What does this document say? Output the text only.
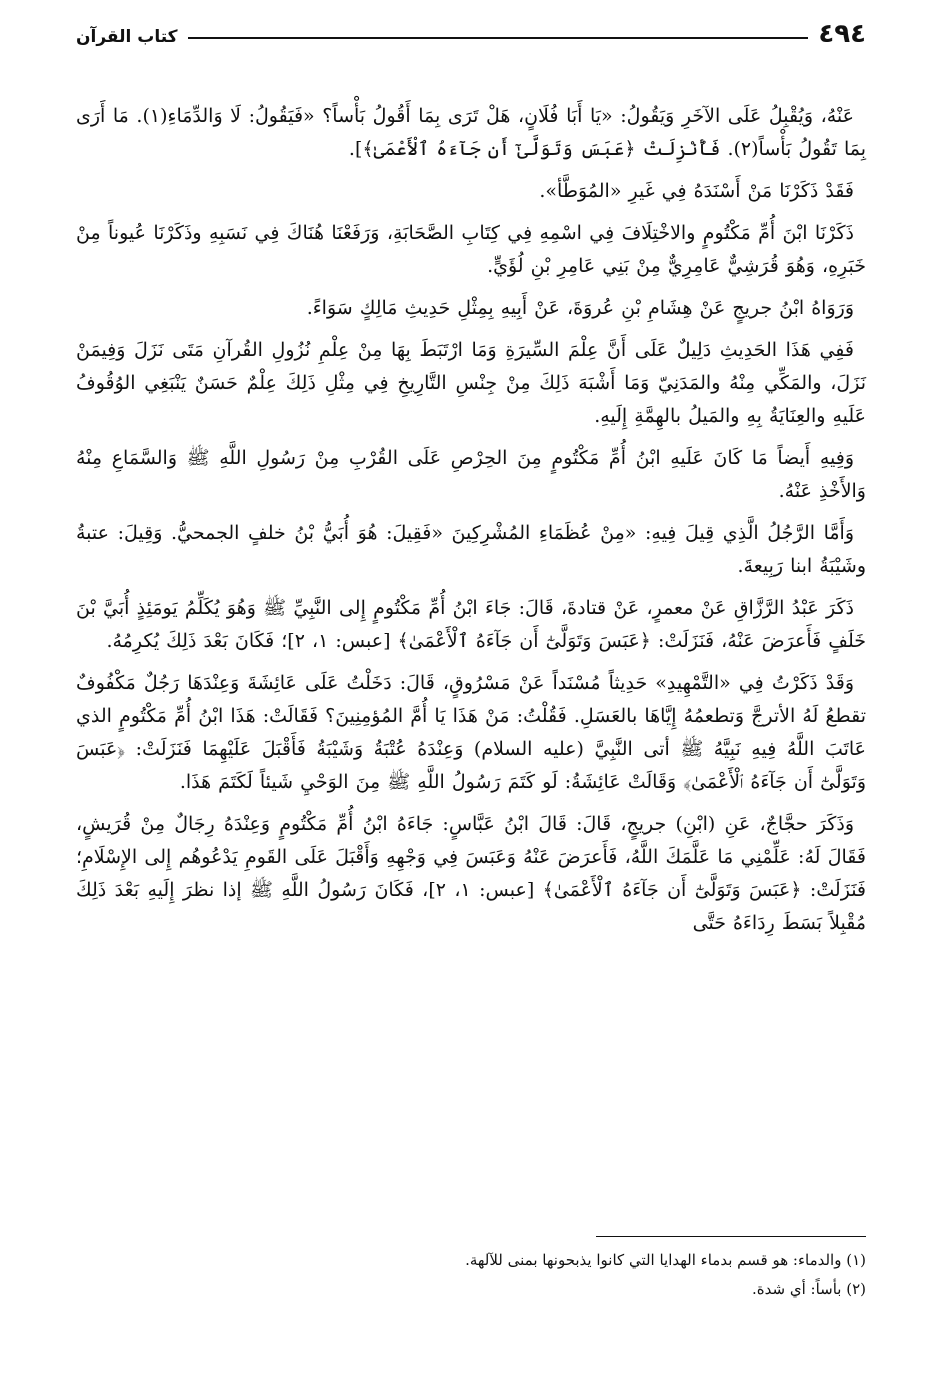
٤٩٤
كتاب القرآن

عَنْهُ، وَيُقْبِلُ عَلَى الآخَرِ وَيَقُولُ: «يَا أَبَا فُلَانٍ، هَلْ تَرَى بِمَا أَقُولُ بَأْساً؟ «فَيَقُولُ: لَا وَالدِّمَاءِ(١). مَا أَرَى بِمَا تَقُولُ بَأْساً(٢). فَأُنْزِلَتْ ﴿عَبَسَ وَتَوَلَّىٰٓ أَن جَآءَهُ ٱلْأَعْمَىٰ﴾].

فَقَدْ ذَكَرْنَا مَنْ أَسْنَدَهُ فِي غَيرِ «المُوَطَّأ».

ذَكَرْنَا ابْنَ أُمِّ مَكْتُومٍ والاخْتِلَافَ فِي اسْمِهِ فِي كِتَابِ الصَّحَابَةِ، وَرَفَعْنَا هُنَاكَ فِي نَسَبِهِ وذَكَرْنَا عُيوناً مِنْ خَبَرِهِ، وَهُوَ قُرَشِيٌّ عَامِرِيٌّ مِنْ بَنِي عَامِرِ بْنِ لُؤَيٍّ.

وَرَوَاهُ ابْنُ جريجٍ عَنْ هِشَامِ بْنِ عُروَةَ، عَنْ أَبِيهِ بِمِثْلِ حَدِيثِ مَالِكٍ سَوَاءً.

فَفِي هَذَا الحَدِيثِ دَلِيلٌ عَلَى أَنَّ عِلْمَ السِّيرَةِ وَمَا ارْتَبَطَ بِهَا مِنْ عِلْمِ نُزُولِ القُرآنِ مَتَى نَزَلَ وَفِيمَنْ نَزَلَ، والمَكِّي مِنْهُ والمَدَنِيّ وَمَا أَشْبَهَ ذَلِكَ مِنْ جِنْسِ التَّارِيخِ فِي مِثْلِ ذَلِكَ عِلْمٌ حَسَنٌ يَنْبَغِي الوُقُوفُ عَلَيهِ والعِنَايَةُ بِهِ والمَيلُ بالهِمَّةِ إِلَيهِ.

وَفِيهِ أَيضاً مَا كَانَ عَلَيهِ ابْنُ أُمِّ مَكْتُومٍ مِنَ الحِرْصِ عَلَى القُرْبِ مِنْ رَسُولِ اللَّهِ ﷺ وَالسَّمَاعِ مِنْهُ وَالأَخْذِ عَنْهُ.

وَأَمَّا الرَّجُلُ الَّذِي قِيلَ فِيهِ: «مِنْ عُظَمَاءِ المُشْرِكِينَ «فَقِيلَ: هُوَ أُبَيُّ بْنُ خلفٍ الجمحيُّ. وَقِيلَ: عتبةُ وشَيْبَةُ ابنا رَبِيعةَ.

ذَكَرَ عَبْدُ الرَّزَّاقِ عَنْ معمرٍ، عَنْ قتادةَ، قَالَ: جَاءَ ابْنُ أُمِّ مَكْتُومٍ إِلى النَّبِيِّ ﷺ وَهُوَ يُكَلِّمُ يَومَئِذٍ أُبَيَّ بْنَ خَلَفٍ فَأَعرَضَ عَنْهُ، فَنَزَلَتْ: ﴿عَبَسَ وَتَوَلَّىٰٓ أَن جَآءَهُ ٱلْأَعْمَىٰ﴾ [عبس: ١، ٢]؛ فَكَانَ بَعْدَ ذَلِكَ يُكرِمُهُ.

وَقَدْ ذَكَرْتُ فِي «التَّمْهِيدِ» حَدِيثاً مُسْنَداً عَنْ مَسْرُوقٍ، قَالَ: دَخَلْتُ عَلَى عَائِشَةَ وَعِنْدَهَا رَجُلٌ مَكْفُوفٌ تقطعُ لَهُ الأترجَّ وَتطعمُهُ إِيَّاهَا بالعَسَلِ. فَقُلْتُ: مَنْ هَذَا يَا أُمَّ المُؤمِنِينَ؟ فَقَالَتْ: هَذَا ابْنُ أُمِّ مَكْتُومٍ الذي عَاتَبَ اللَّهُ فِيهِ نَبِيَّهُ ﷺ أتى النَّبِيَّ (عليه السلام) وَعِنْدَهُ عُتْبَةُ وَشَيْبَةُ فَأَقْبَلَ عَلَيْهِمَا فَنَزَلَتْ: ﴿عَبَسَ وَتَوَلَّىٰٓ أَن جَآءَهُ ٱلْأَعْمَىٰ﴾ وَقَالَتْ عَائِشَةُ: لَو كَتَمَ رَسُولُ اللَّهِ ﷺ مِنَ الوَحْيِ شَيئاً لَكَتَمَ هَذَا.

وَذَكَرَ حجَّاجٌ، عَنِ (ابْنِ) جريجٍ، قَالَ: قَالَ ابْنُ عَبَّاسٍ: جَاءَهُ ابْنُ أُمِّ مَكْتُومٍ وَعِنْدَهُ رِجَالٌ مِنْ قُرَيشٍ، فَقَالَ لَهُ: عَلِّمْنِي مَا عَلَّمَكَ اللَّهُ، فَأَعرَضَ عَنْهُ وَعَبَسَ فِي وَجْهِهِ وَأَقْبَلَ عَلَى القَومِ يَدْعُوهُم إِلى الإِسْلَامِ؛ فَنَزَلَتْ: ﴿عَبَسَ وَتَوَلَّىٰٓ أَن جَآءَهُ ٱلْأَعْمَىٰ﴾ [عبس: ١، ٢]، فَكَانَ رَسُولُ اللَّهِ ﷺ إذا نظرَ إِلَيهِ بَعْدَ ذَلِكَ مُقْبِلاً بَسَطَ رِدَاءَهُ حَتَّى

(١) والدماء: هو قسم بدماء الهدايا التي كانوا يذبحونها بمنى للآلهة.

(٢) بأساً: أي شدة.
